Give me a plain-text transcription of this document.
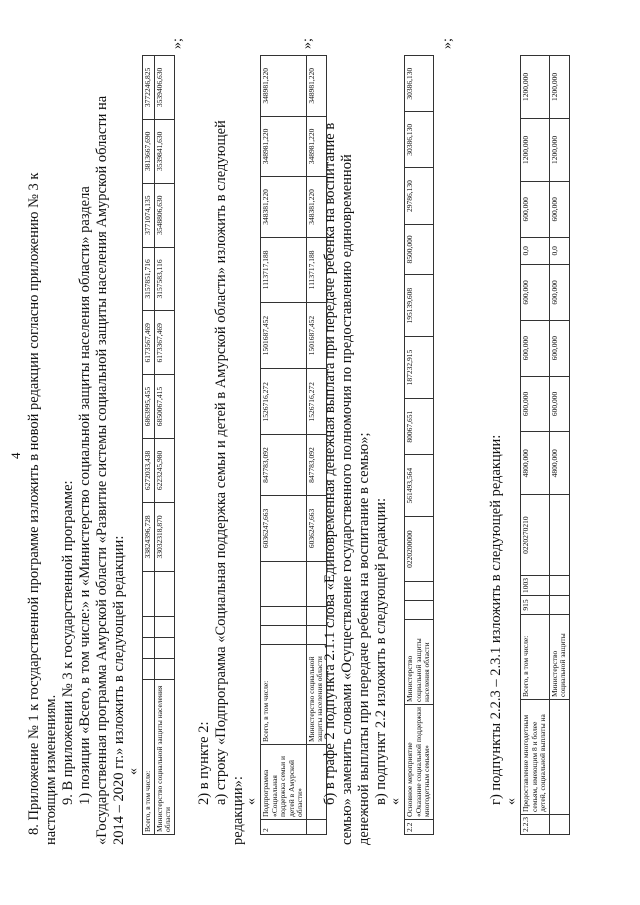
4 8. Приложение № 1 к государственной программе изложить в новой редакции согласно приложению № 3 к настоящим изменениям. 9. В приложении № 3 к государственной программе: 1) позиции «Всего, в том числе:» и «Министерство социальной защиты населения области» раздела «Государственная программа Амурской области «Развитие системы социальной защиты населения Амурской области на 2014 – 2020 гг.» изложить в следующей редакции: « Всего, в том числе:					33824396,728	6272033,438	6863995,455	6173567,469	3157851,716	3771074,135	3813667,690	3772246,825
Министерство социальной защиты населения области					33032318,870	6223245,980	6850067,415	6173367,469	3157583,116	3548806,630	3539841,630	3539406,630
»;
2) в пункте 2: а) строку «Подпрограмма «Социальная поддержка семьи и детей в Амурской области» изложить в следующей
редакции»:
«
2	Подпрограмма «Социальная поддержка семьи и детей в Амурской области»	Всего, в том числе:				6036247,663	847783,092	1526716,272	1501687,452	1113717,188	348381,220	348981,220	348981,220
		Министерство социальной защиты населения области				6036247,663	847783,092	1526716,272	1501687,452	1113717,188	348381,220	348981,220	348981,220
»;
б) в графе 2 подпункта 2.1.1 слова «Единовременная денежная выплата при передаче ребенка на воспитание в семью» заменить словами «Осуществление государственного полномочия по предоставлению единовременной денежной выплаты при передаче ребенка на воспитание в семью»; в) подпункт 2.2 изложить в следующей редакции: «
2.2	Основное мероприятие «Оказание социальной поддержки многодетным семьям»	Министерство социальной защиты населения области			0220200000	561493,564	80067,651	187232,915	195139,608	8500,000	29786,130	30386,130	30386,130
»;
г) подпункты 2.2.3 – 2.3.1 изложить в следующей редакции: «
2.2.3	Предоставление многодетным семьям, имеющим 8 и более детей, социальной выплаты на	Всего, в том числе:	915	1003	0220270210	4800,000	600,000	600,000	600,000	0,0	600,000	1200,000	1200,000
		Министерство социальной защиты				4800,000	600,000	600,000	600,000	0,0	600,000	1200,000	1200,000
